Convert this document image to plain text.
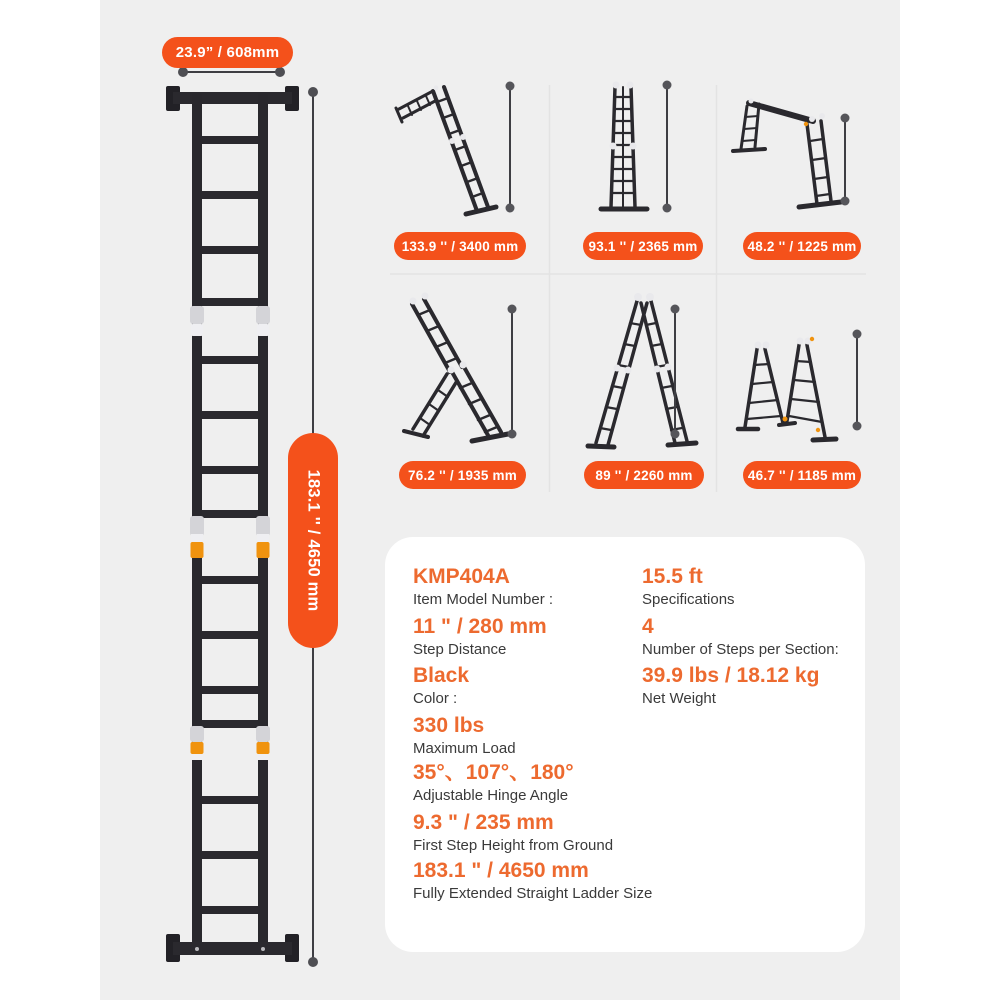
23.9” / 608mm
183.1 '' / 4650 mm
133.9 '' / 3400 mm	93.1 '' / 2365 mm	48.2 '' / 1225 mm
76.2 '' / 1935 mm	89 '' / 2260 mm	46.7 '' / 1185 mm
KMP404A
Item Model Number :
11 " / 280 mm
Step Distance
Black
Color :
330 lbs
Maximum Load
35°、107°、180°
Adjustable Hinge Angle
9.3 " / 235 mm
First Step Height from Ground
183.1 " / 4650 mm
Fully Extended Straight Ladder Size
15.5 ft
Specifications
4
Number of Steps per Section:
39.9 lbs / 18.12 kg
Net Weight
